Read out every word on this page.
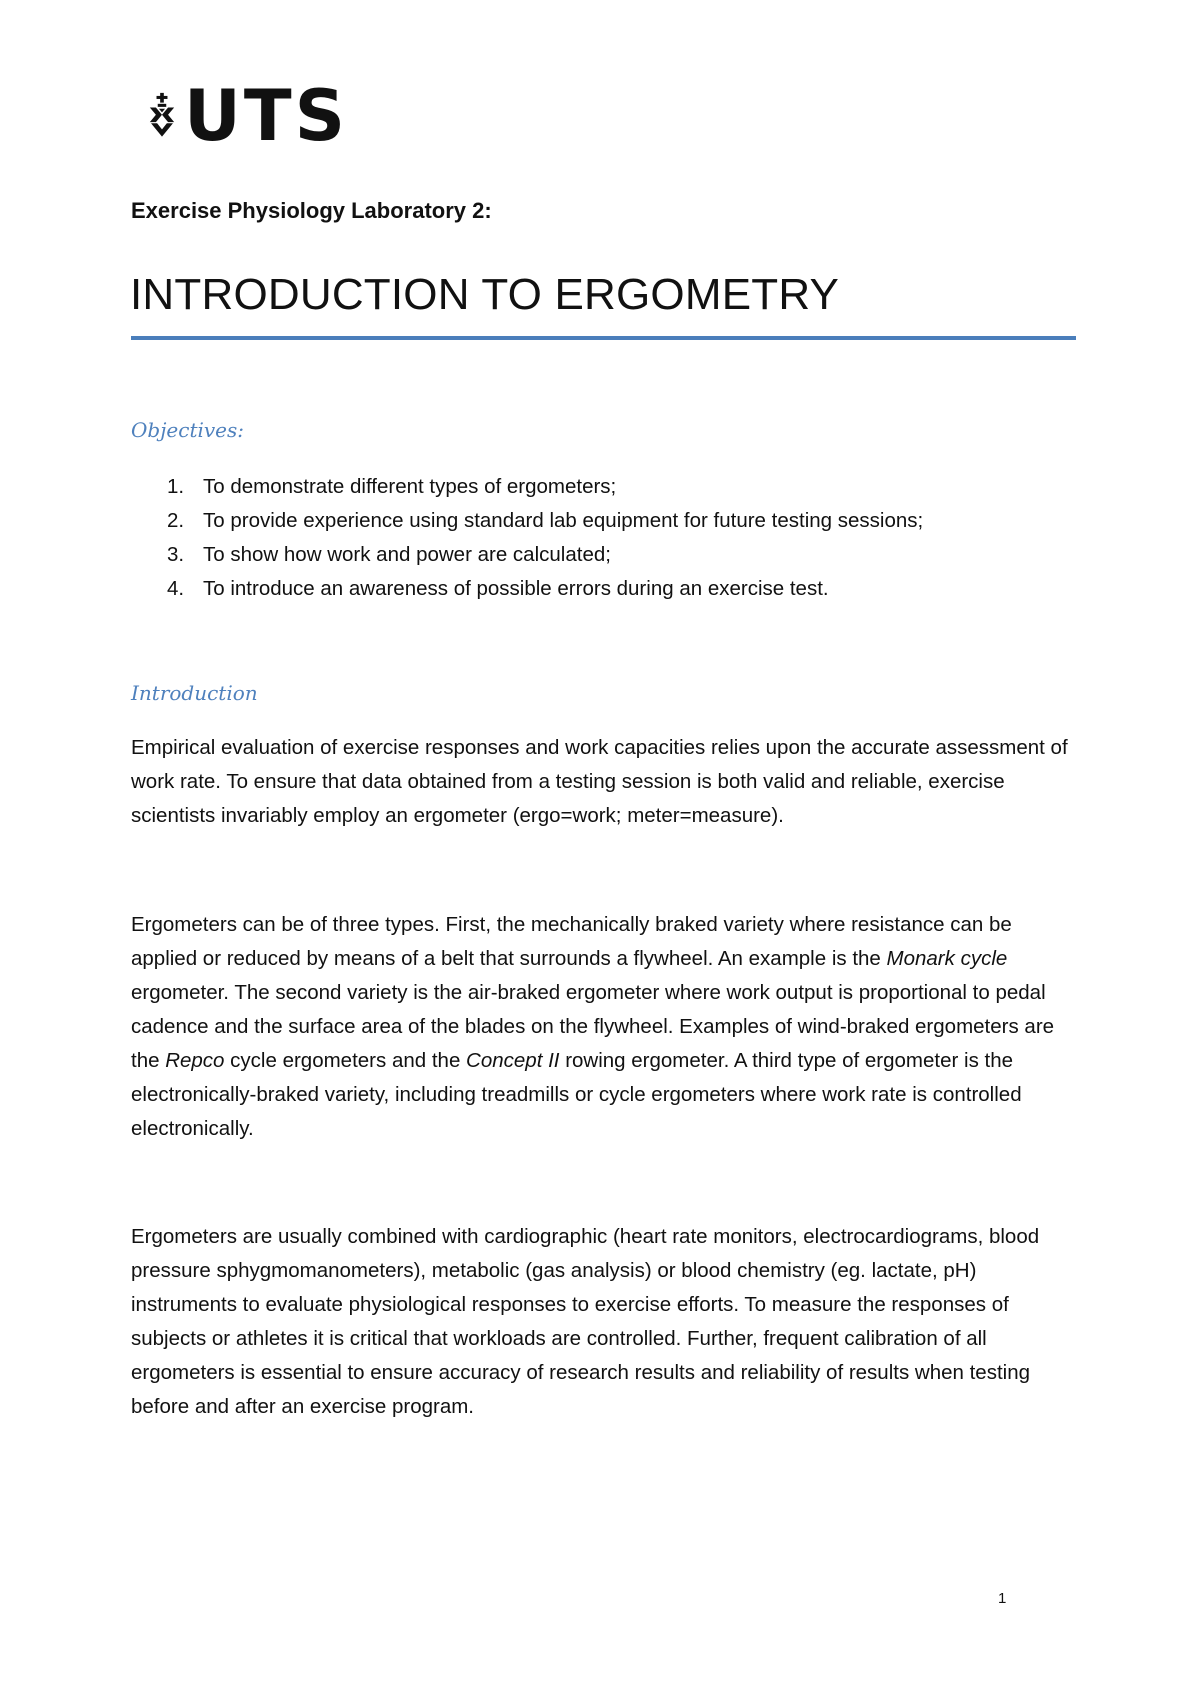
UTS
Exercise Physiology Laboratory 2:
INTRODUCTION TO ERGOMETRY
Objectives:
1. To demonstrate different types of ergometers;
2. To provide experience using standard lab equipment for future testing sessions;
3. To show how work and power are calculated;
4. To introduce an awareness of possible errors during an exercise test.
Introduction

Empirical evaluation of exercise responses and work capacities relies upon the accurate assessment of work rate. To ensure that data obtained from a testing session is both valid and reliable, exercise scientists invariably employ an ergometer (ergo=work; meter=measure).

Ergometers can be of three types. First, the mechanically braked variety where resistance can be applied or reduced by means of a belt that surrounds a flywheel. An example is the Monark cycle ergometer. The second variety is the air-braked ergometer where work output is proportional to pedal cadence and the surface area of the blades on the flywheel. Examples of wind-braked ergometers are the Repco cycle ergometers and the Concept II rowing ergometer. A third type of ergometer is the electronically-braked variety, including treadmills or cycle ergometers where work rate is controlled electronically.

Ergometers are usually combined with cardiographic (heart rate monitors, electrocardiograms, blood pressure sphygmomanometers), metabolic (gas analysis) or blood chemistry (eg. lactate, pH) instruments to evaluate physiological responses to exercise efforts. To measure the responses of subjects or athletes it is critical that workloads are controlled. Further, frequent calibration of all ergometers is essential to ensure accuracy of research results and reliability of results when testing before and after an exercise program.

1
